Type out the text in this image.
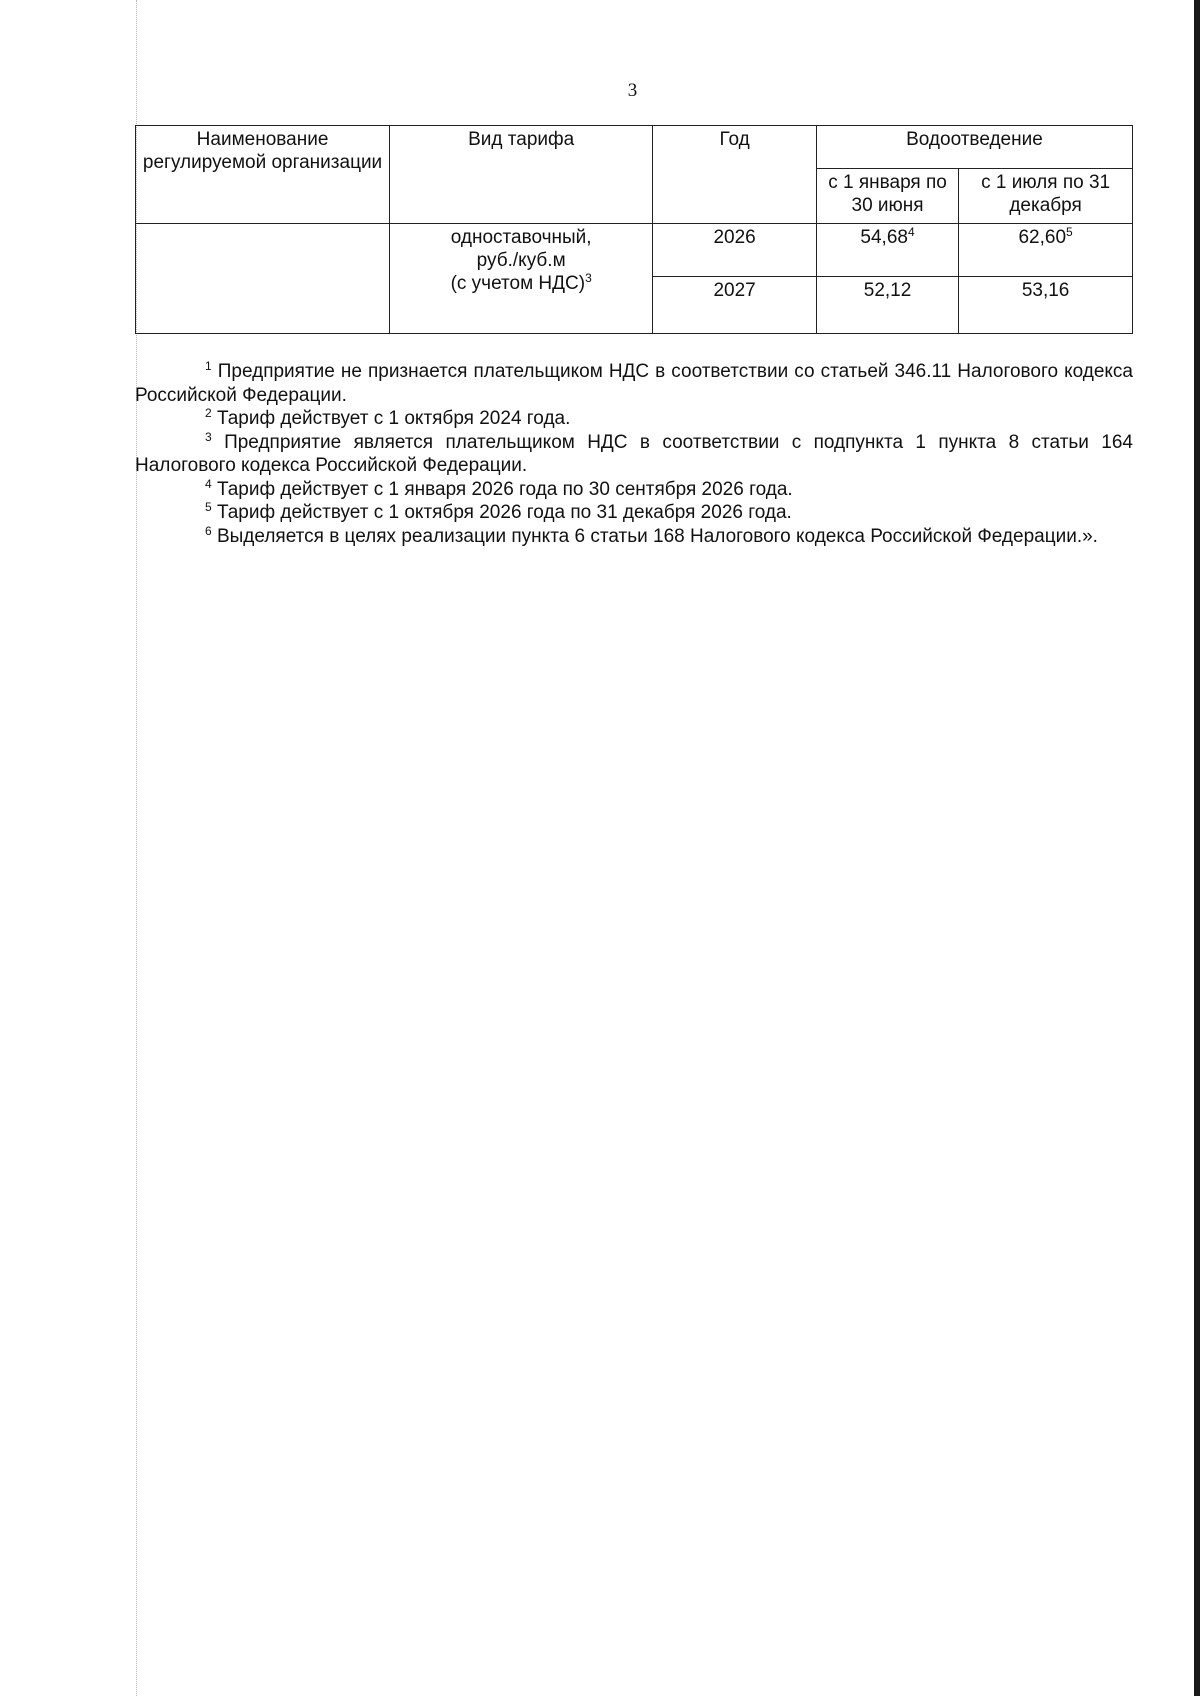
3
Наименование регулируемой организации	Вид тарифа	Год	Водоотведение	
			с 1 января по 30 июня	с 1 июля по 31 декабря
	одноставочный,
руб./куб.м
(с учетом НДС)$^3$	2026	54,68$^4$	62,60$^5$
		2027	52,12	53,16

$^1$ Предприятие не признается плательщиком НДС в соответствии со статьей 346.11 Налогового кодекса Российской Федерации.

$^2$ Тариф действует с 1 октября 2024 года.

$^3$ Предприятие является плательщиком НДС в соответствии с подпункта 1 пункта 8 статьи 164 Налогового кодекса Российской Федерации.

$^4$ Тариф действует с 1 января 2026 года по 30 сентября 2026 года.

$^5$ Тариф действует с 1 октября 2026 года по 31 декабря 2026 года.

$^6$ Выделяется в целях реализации пункта 6 статьи 168 Налогового кодекса Российской Федерации.».
